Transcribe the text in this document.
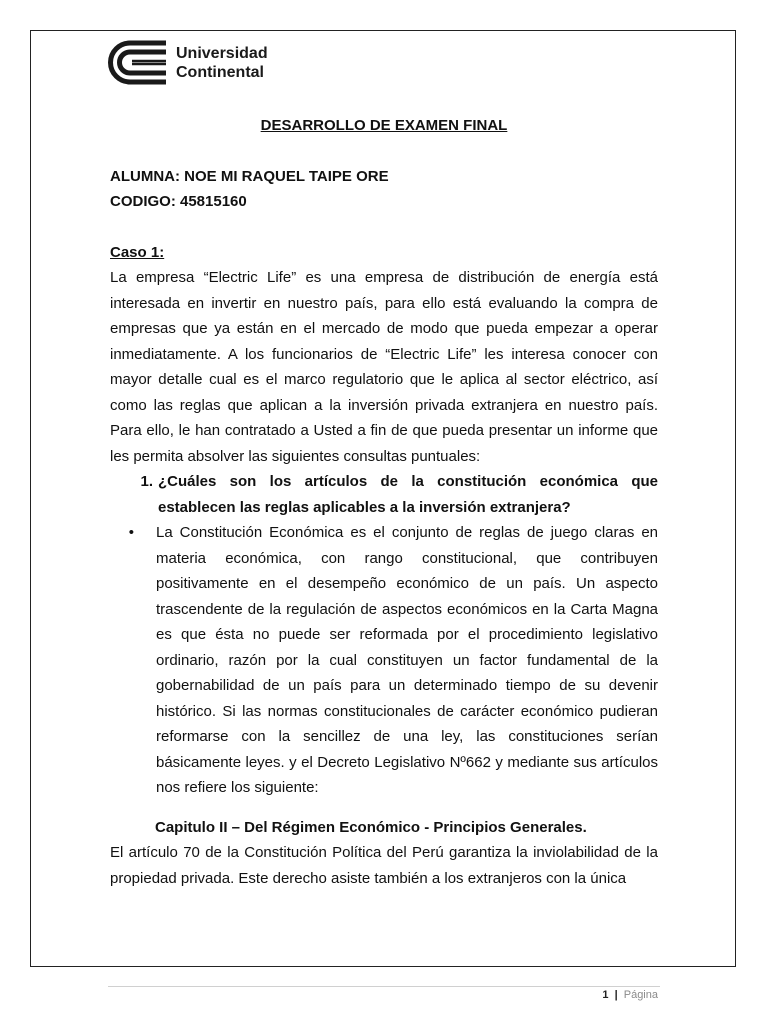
Universidad
Continental

DESARROLLO DE EXAMEN FINAL

ALUMNA: NOE MI RAQUEL TAIPE ORE
CODIGO: 45815160
Caso 1:

La empresa “Electric Life” es una empresa de distribución de energía está interesada en invertir en nuestro país, para ello está evaluando la compra de empresas que ya están en el mercado de modo que pueda empezar a operar inmediatamente. A los funcionarios de “Electric Life” les interesa conocer con mayor detalle cual es el marco regulatorio que le aplica al sector eléctrico, así como las reglas que aplican a la inversión privada extranjera en nuestro país. Para ello, le han contratado a Usted a fin de que pueda presentar un informe que les permita absolver las siguientes consultas puntuales:

1. ¿Cuáles son los artículos de la constitución económica que establecen las reglas aplicables a la inversión extranjera?
•	La Constitución Económica es el conjunto de reglas de juego claras en materia económica, con rango constitucional, que contribuyen positivamente en el desempeño económico de un país. Un aspecto trascendente de la regulación de aspectos económicos en la Carta Magna es que ésta no puede ser reformada por el procedimiento legislativo ordinario, razón por la cual constituyen un factor fundamental de la gobernabilidad de un país para un determinado tiempo de su devenir histórico. Si las normas constitucionales de carácter económico pudieran reformarse con la sencillez de una ley, las constituciones serían básicamente leyes. y el Decreto Legislativo Nº662 y mediante sus artículos nos refiere los siguiente:

Capitulo II – Del Régimen Económico - Principios Generales.

El artículo 70 de la Constitución Política del Perú garantiza la inviolabilidad de la propiedad privada. Este derecho asiste también a los extranjeros con la única

1 | Página
